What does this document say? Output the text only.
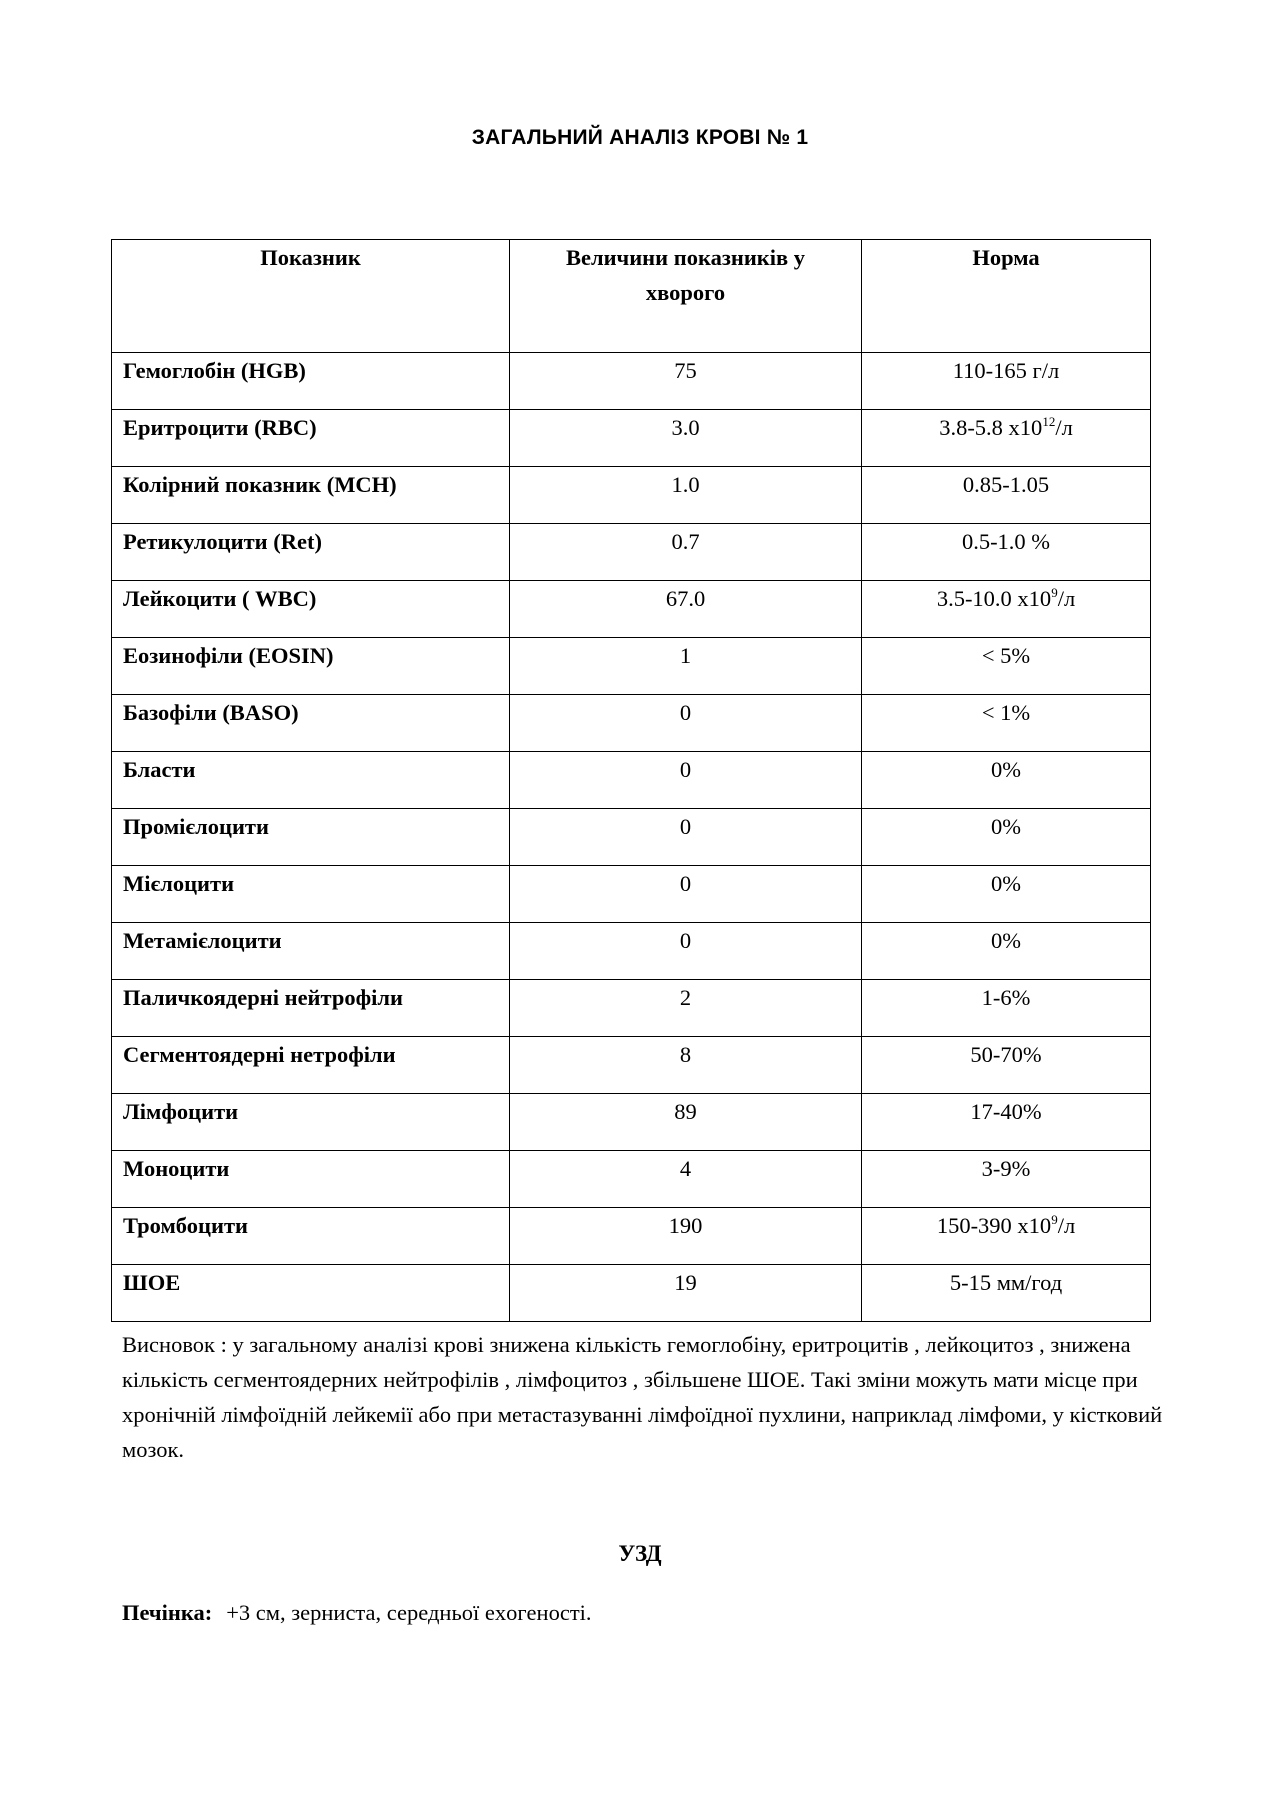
ЗАГАЛЬНИЙ АНАЛІЗ КРОВІ № 1
Показник	Величини показників у хворого	Норма

Гемоглобін (HGB)	75	110-165 г/л
Еритроцити (RBC)	3.0	3.8-5.8 $х10^{12}/л$
Колірний показник (MCH)	1.0	0.85-1.05
Ретикулоцити (Ret)	0.7	0.5-1.0 %
Лейкоцити ( WBC)	67.0	3.5-10.0 $х10^9/л$
Еозинофіли (EOSIN)	1	< 5%
Базофіли (BASO)	0	< 1%
Бласти	0	0%
Промієлоцити	0	0%
Мієлоцити	0	0%
Метамієлоцити	0	0%
Паличкоядерні нейтрофіли	2	1-6%
Сегментоядерні нетрофіли	8	50-70%
Лімфоцити	89	17-40%
Моноцити	4	3-9%
Тромбоцити	190	150-390 $х10^9/л$
ШОЕ	19	5-15 мм/год

Висновок : у загальному аналізі крові знижена кількість гемоглобіну, еритроцитів , лейкоцитоз , знижена кількість сегментоядерних нейтрофілів , лімфоцитоз , збільшене ШОЕ. Такі зміни можуть мати місце при хронічній лімфоїдній лейкемії або при метастазуванні лімфоїдної пухлини, наприклад лімфоми, у кістковий мозок.

УЗД

Печінка: +3 см, зерниста, середньої exoгeнocті.
